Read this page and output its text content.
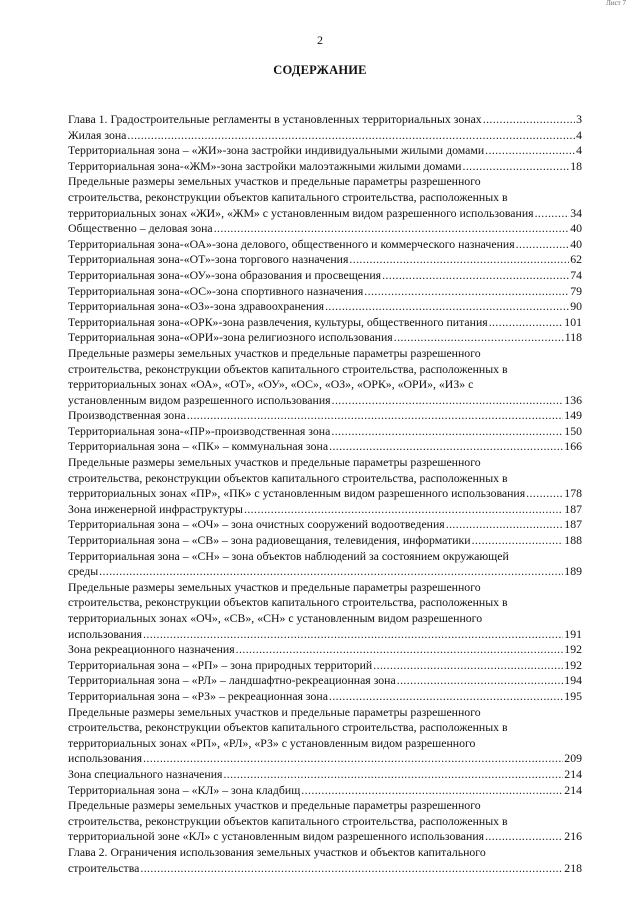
Лист 7
2
СОДЕРЖАНИЕ
Глава 1. Градостроительные регламенты в установленных территориальных зонах .....	3
Жилая зона .....	4
Территориальная зона – «ЖИ»-зона застройки индивидуальными жилыми домами .....	4
Территориальная зона-«ЖМ»-зона застройки малоэтажными жилыми домами .....	18
Предельные размеры земельных участков и предельные параметры разрешенного
строительства, реконструкции объектов капитального строительства, расположенных в
территориальных зонах «ЖИ», «ЖМ» с установленным видом разрешенного использования .....	34
Общественно – деловая зона .....	40
Территориальная зона-«ОА»-зона делового, общественного и коммерческого назначения .....	40
Территориальная зона-«ОТ»-зона торгового назначения .....	62
Территориальная зона-«ОУ»-зона образования и просвещения .....	74
Территориальная зона-«ОС»-зона спортивного назначения .....	79
Территориальная зона-«ОЗ»-зона здравоохранения .....	90
Территориальная зона-«ОРК»-зона развлечения, культуры, общественного питания .....	101
Территориальная зона-«ОРИ»-зона религиозного использования .....	118
Предельные размеры земельных участков и предельные параметры разрешенного
строительства, реконструкции объектов капитального строительства, расположенных в
территориальных зонах «ОА», «ОТ», «ОУ», «ОС», «ОЗ», «ОРК», «ОРИ», «ИЗ» с
установленным видом разрешенного использования .....	136
Производственная зона .....	149
Территориальная зона-«ПР»-производственная зона .....	150
Территориальная зона – «ПК» – коммунальная зона .....	166
Предельные размеры земельных участков и предельные параметры разрешенного
строительства, реконструкции объектов капитального строительства, расположенных в
территориальных зонах «ПР», «ПК» с установленным видом разрешенного использования .....	178
Зона инженерной инфраструктуры .....	187
Территориальная зона – «ОЧ» – зона очистных сооружений водоотведения .....	187
Территориальная зона – «СВ» – зона радиовещания, телевидения, информатики .....	188
Территориальная зона – «СН» – зона объектов наблюдений за состоянием окружающей
среды .....	189
Предельные размеры земельных участков и предельные параметры разрешенного
строительства, реконструкции объектов капитального строительства, расположенных в
территориальных зонах «ОЧ», «СВ», «СН» с установленным видом разрешенного
использования .....	191
Зона рекреационного назначения .....	192
Территориальная зона – «РП» – зона природных территорий .....	192
Территориальная зона – «РЛ» – ландшафтно-рекреационная зона .....	194
Территориальная зона – «РЗ» – рекреационная зона .....	195
Предельные размеры земельных участков и предельные параметры разрешенного
строительства, реконструкции объектов капитального строительства, расположенных в
территориальных зонах «РП», «РЛ», «РЗ» с установленным видом разрешенного
использования .....	209
Зона специального назначения .....	214
Территориальная зона – «КЛ» – зона кладбищ .....	214
Предельные размеры земельных участков и предельные параметры разрешенного
строительства, реконструкции объектов капитального строительства, расположенных в
территориальной зоне «КЛ» с установленным видом разрешенного использования .....	216
Глава 2. Ограничения использования земельных участков и объектов капитального
строительства .....	218
